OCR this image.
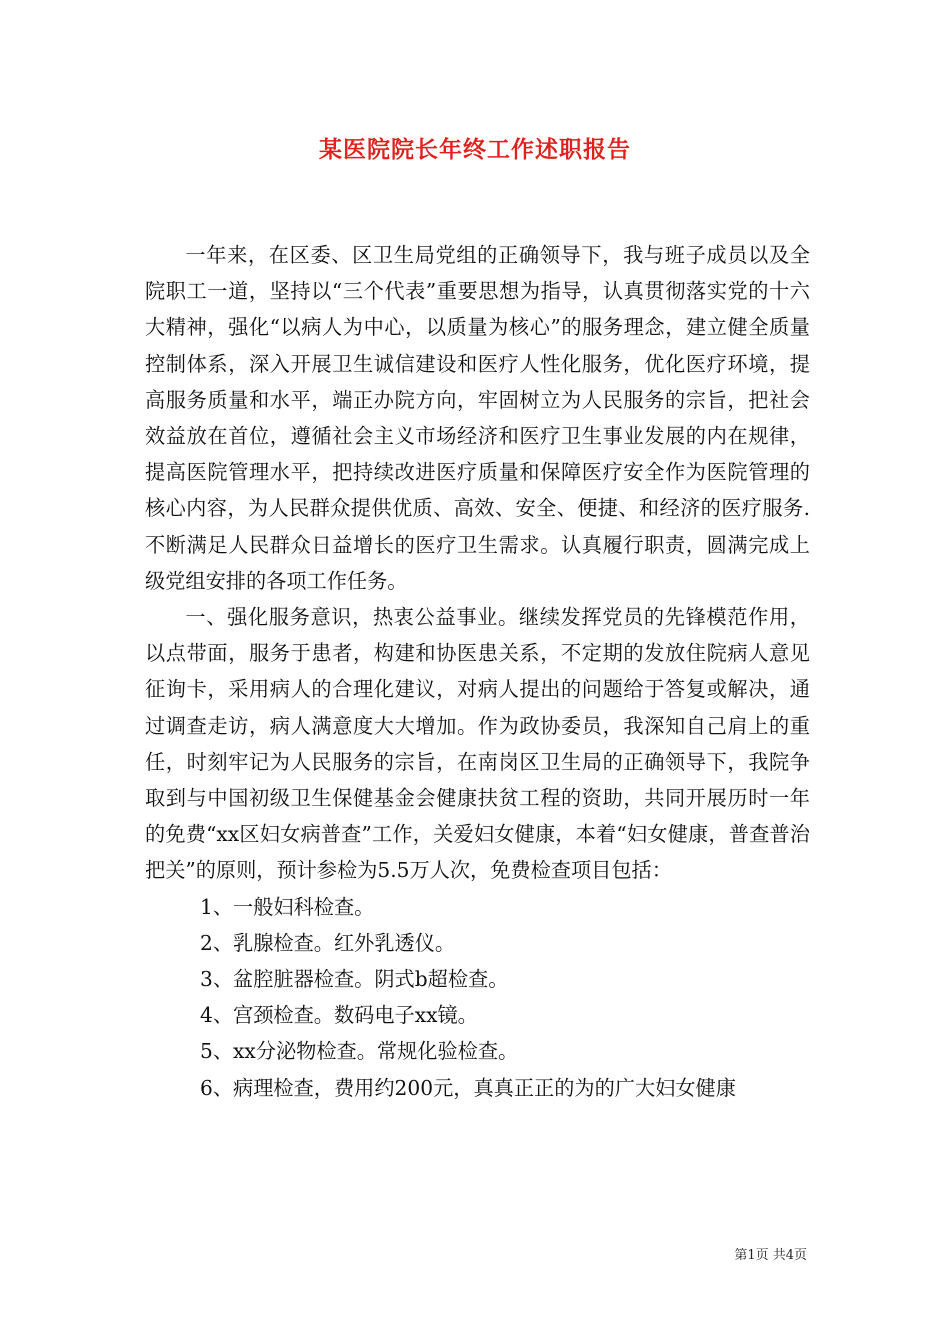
某医院院长年终工作述职报告

一年来，在区委、区卫生局党组的正确领导下，我与班子成员以及全院职工一道，坚持以“三个代表”重要思想为指导，认真贯彻落实党的十六大精神，强化“以病人为中心，以质量为核心”的服务理念，建立健全质量控制体系，深入开展卫生诚信建设和医疗人性化服务，优化医疗环境，提高服务质量和水平，端正办院方向，牢固树立为人民服务的宗旨，把社会效益放在首位，遵循社会主义市场经济和医疗卫生事业发展的内在规律，提高医院管理水平，把持续改进医疗质量和保障医疗安全作为医院管理的核心内容，为人民群众提供优质、高效、安全、便捷、和经济的医疗服务.不断满足人民群众日益增长的医疗卫生需求。认真履行职责，圆满完成上级党组安排的各项工作任务。

一、强化服务意识，热衷公益事业。继续发挥党员的先锋模范作用，以点带面，服务于患者，构建和协医患关系，不定期的发放住院病人意见征询卡，采用病人的合理化建议，对病人提出的问题给于答复或解决，通过调查走访，病人满意度大大增加。作为政协委员，我深知自己肩上的重任，时刻牢记为人民服务的宗旨，在南岗区卫生局的正确领导下，我院争取到与中国初级卫生保健基金会健康扶贫工程的资助，共同开展历时一年的免费“xx区妇女病普查”工作，关爱妇女健康，本着“妇女健康，普查普治把关”的原则，预计参检为5.5万人次，免费检查项目包括：

1、一般妇科检查。

2、乳腺检查。红外乳透仪。

3、盆腔脏器检查。阴式b超检查。

4、宫颈检查。数码电子xx镜。

5、xx分泌物检查。常规化验检查。

6、病理检查，费用约200元，真真正正的为的广大妇女健康

第1页 共4页
